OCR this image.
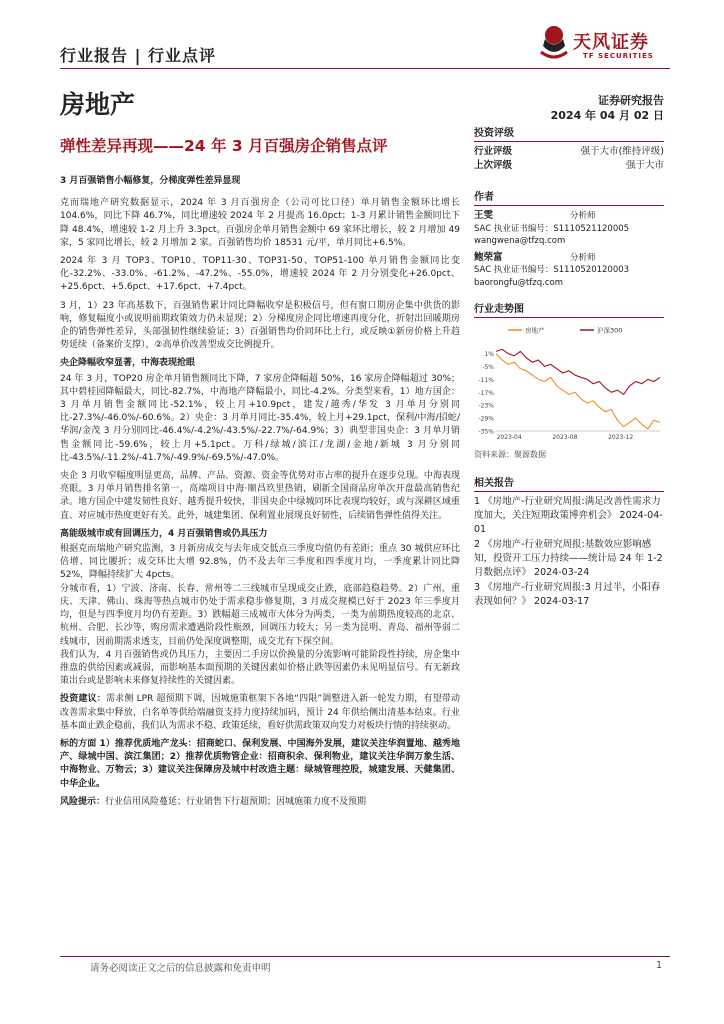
行业报告 | 行业点评
天风证券
TF SECURITIES
房地产	证券研究报告
2024 年 04 月 02 日
弹性差异再现——24 年 3 月百强房企销售点评
3 月百强销售小幅修复，分梯度弹性差异显现

克而瑞地产研究数据显示，2024 年 3 月百强房企（公司可比口径）单月销售金额环比增长 104.6%，同比下降 46.7%，同比增速较 2024 年 2 月提高 16.0pct；1-3 月累计销售金额同比下降 48.4%，增速较 1-2 月上升 3.3pct。百强房企单月销售金额中 69 家环比增长，较 2 月增加 49 家，5 家同比增长，较 2 月增加 2 家。百强销售均价 18531 元/平，单月同比+6.5%。

2024 年 3 月 TOP3、TOP10、TOP11-30、TOP31-50、TOP51-100 单月销售金额同比变化-32.2%、-33.0%、-61.2%、-47.2%、-55.0%，增速较 2024 年 2 月分别变化+26.0pct、+25.6pct、+5.6pct、+17.6pct、+7.4pct。

3 月，1）23 年高基数下，百强销售累计同比降幅收窄是积极信号，但有窗口期房企集中供货的影响，修复幅度小或说明前期政策效力仍未显现；2）分梯度房企同比增速再度分化，折射出回暖期房企的销售弹性差异，头部强韧性继续验证；3）百强销售均价同环比上行，或反映①新房价格上升趋势延续（备案价支撑），②高单价改善型成交比例提升。

央企降幅收窄显著，中海表现抢眼

24 年 3 月，TOP20 房企单月销售额同比下降，7 家房企降幅超 50%，16 家房企降幅超过 30%；其中碧桂园降幅最大，同比-82.7%，中海地产降幅最小，同比-4.2%。分类型来看，1）地方国企：3 月单月销售金额同比-52.1%，较上月+10.9pct，建发/越秀/华发 3 月单月分别同比-27.3%/-46.0%/-60.6%。2）央企：3 月单月同比-35.4%，较上月+29.1pct，保利/中海/招蛇/华润/金茂 3 月分别同比-46.4%/-4.2%/-43.5%/-22.7%/-64.9%；3）典型非国央企：3 月单月销售金额同比-59.6%，较上月+5.1pct。万科/绿城/滨江/龙湖/金地/新城 3 月分别同比-43.5%/-11.2%/-41.7%/-49.9%/-69.5%/-47.0%。

央企 3 月收窄幅度明显更高，品牌、产品、资源、资金等优势对市占率的提升在逐步兑现。中海表现亮眼，3 月单月销售排名第一，高端项目中海·顺昌玖里热销，刷新全国商品房单次开盘最高销售纪录。地方国企中建发韧性良好、越秀提升较快，非国央企中绿城同环比表现均较好，或与深耕区域重直、对应城市热度更好有关。此外，城建集团、保利置业展现良好韧性，后续销售弹性值得关注。

高能级城市或有回调压力，4 月百强销售或仍具压力

根据克而瑞地产研究监测，3 月新房成交与去年成交低点三季度均值仍有差距；重点 30 城供应环比倍增、同比腰折；成交环比大增 92.8%，仍不及去年三季度和四季度月均，一季度累计同比降 52%，降幅持续扩大 4pcts。

分城市看，1）宁波、济南、长春、常州等二三线城市呈现成交止跌，底部趋稳趋势。2）广州、重庆、天津、佛山、珠海等热点城市仍处于需求稳步修复期，3 月成交规模已好于 2023 年三季度月均，但是与四季度月均仍有差距。3）跌幅超三成城市大体分为两类，一类为前期热度较高的北京、杭州、合肥、长沙等，购房需求遭遇阶段性瓶颈，回调压力较大；另一类为昆明、青岛、福州等弱二线城市，因前期需求透支，目前仍处深度调整期，成交尤有下探空间。

我们认为，4 月百强销售或仍具压力，主要因二手房以价换量的分流影响可能阶段性持续，房企集中推盘的供给因素或减弱，而影响基本面预期的关键因素如价格止跌等因素仍未见明显信号。有无新政策出台或是影响未来修复持续性的关键因素。

投资建议：需求侧 LPR 超预期下调，因城施策框架下各地“四限”调整进入新一轮发力期，有望带动改善需求集中释放，白名单等供给端融资支持力度持续加码，预计 24 年供给侧出清基本结束。行业基本面止跌企稳前，我们认为需求不稳、政策延续，看好供需政策双向发力对板块行情的持续驱动。

标的方面 1）推荐优质地产龙头：招商蛇口、保利发展、中国海外发展，建议关注华润置地、越秀地产、绿城中国、滨江集团；2）推荐优质物管企业：招商积余、保利物业，建议关注华润万象生活、中海物业、万物云；3）建议关注保障房及城中村改造主题：绿城管理控股，城建发展、天健集团、中华企业。

风险提示：行业信用风险蔓延；行业销售下行超预期；因城施策力度不及预期

投资评级
行业评级	强于大市(维持评级)
上次评级	强于大市
作者
王雯	分析师
SAC 执业证书编号：S1110521120005
wangwena@tfzq.com
鲍荣富	分析师
SAC 执业证书编号：S1110520120003
baorongfu@tfzq.com
行业走势图
1%
-5%
-11%
-17%
-23%
-29%
-35%
2023-04	2023-08	2023-12
房地产	沪深300
资料来源：聚源数据
相关报告
1 《房地产-行业研究周报:满足改善性需求力度加大，关注短期政策博弈机会》 2024-04-01
2 《房地产-行业研究周报:基数效应影响感知，投资开工压力持续——统计局 24 年 1-2 月数据点评》 2024-03-24
3 《房地产-行业研究周报:3 月过半，小阳春表现如何？》 2024-03-17
请务必阅读正文之后的信息披露和免责申明	1
